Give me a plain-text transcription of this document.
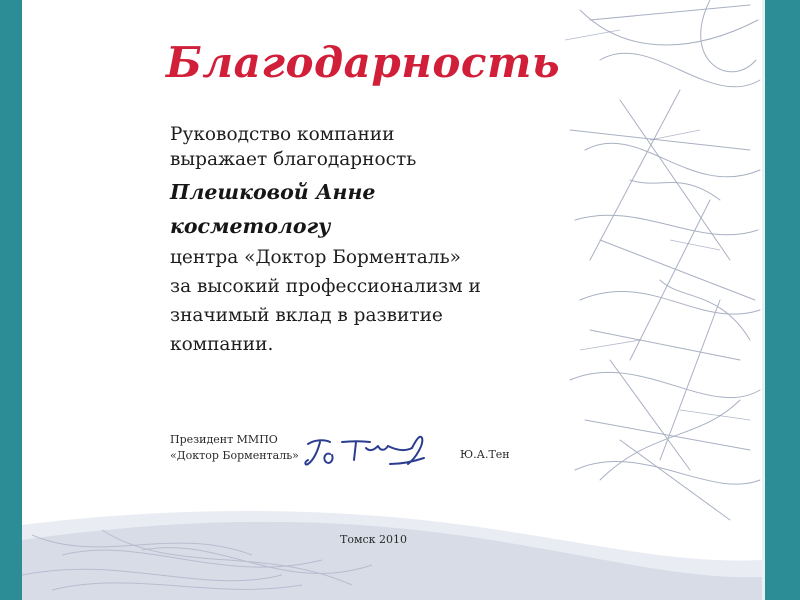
Благодарность
Руководство компании
выражает благодарность
Плешковой Анне
косметологу
центра «Доктор Борменталь»
за высокий профессионализм и
значимый вклад в развитие
компании.
Президент ММПО
«Доктор Борменталь»	Ю.А.Тен
Томск 2010
